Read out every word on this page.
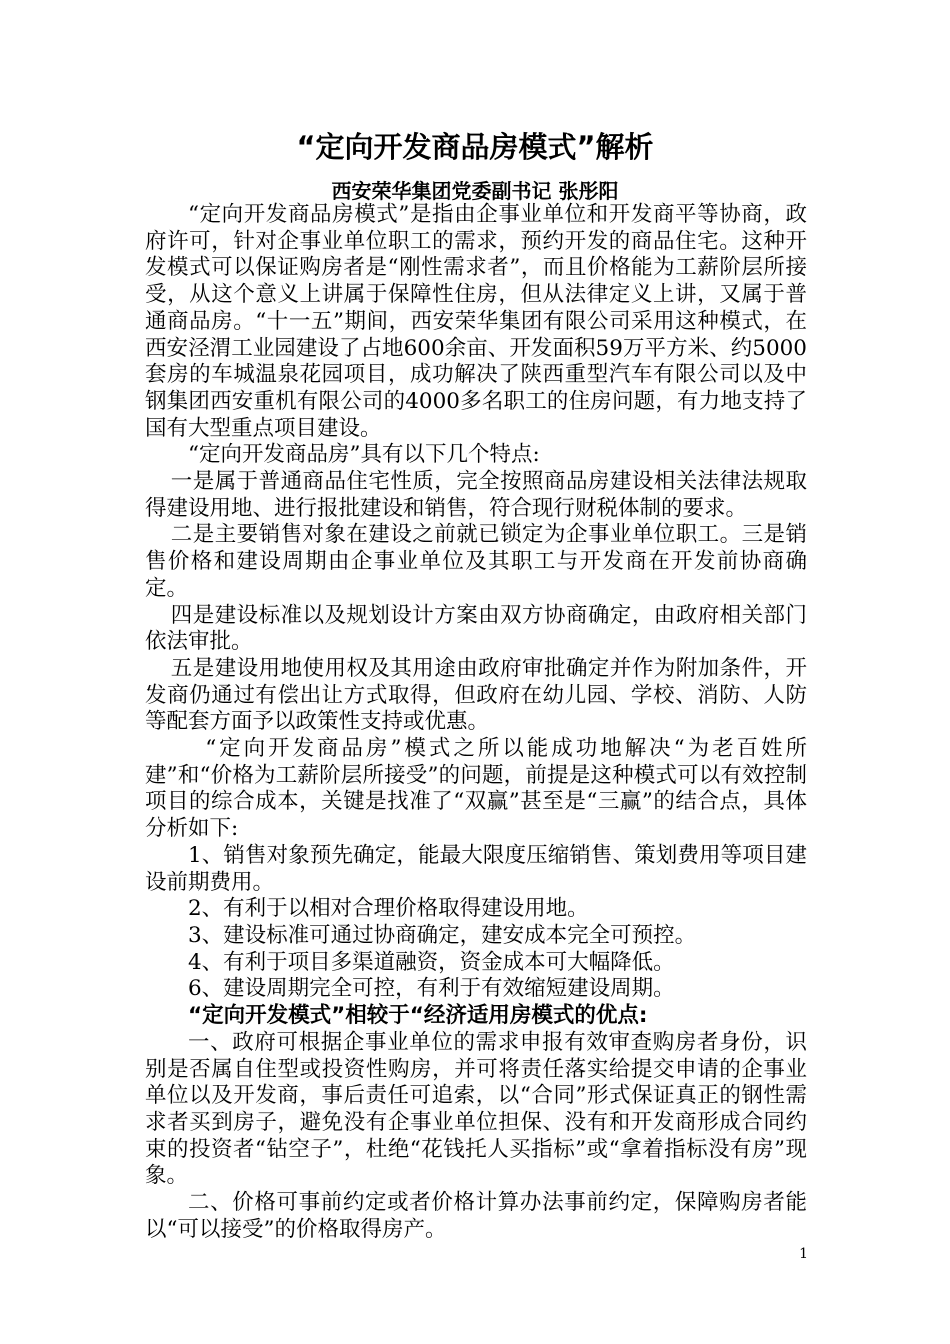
“定向开发商品房模式”解析
西安荣华集团党委副书记 张彤阳

“定向开发商品房模式”是指由企事业单位和开发商平等协商，政府许可，针对企事业单位职工的需求，预约开发的商品住宅。这种开发模式可以保证购房者是“刚性需求者”，而且价格能为工薪阶层所接受，从这个意义上讲属于保障性住房，但从法律定义上讲，又属于普通商品房。“十一五”期间，西安荣华集团有限公司采用这种模式，在西安泾渭工业园建设了占地600余亩、开发面积59万平方米、约5000套房的车城温泉花园项目，成功解决了陕西重型汽车有限公司以及中钢集团西安重机有限公司的4000多名职工的住房问题，有力地支持了国有大型重点项目建设。

“定向开发商品房”具有以下几个特点:

一是属于普通商品住宅性质，完全按照商品房建设相关法律法规取得建设用地、进行报批建设和销售，符合现行财税体制的要求。

二是主要销售对象在建设之前就已锁定为企事业单位职工。三是销售价格和建设周期由企事业单位及其职工与开发商在开发前协商确定。

四是建设标准以及规划设计方案由双方协商确定，由政府相关部门依法审批。

五是建设用地使用权及其用途由政府审批确定并作为附加条件，开发商仍通过有偿出让方式取得，但政府在幼儿园、学校、消防、人防等配套方面予以政策性支持或优惠。

“定向开发商品房”模式之所以能成功地解决“为老百姓所建”和“价格为工薪阶层所接受”的问题，前提是这种模式可以有效控制项目的综合成本，关键是找准了“双赢”甚至是“三赢”的结合点，具体分析如下:

1、销售对象预先确定，能最大限度压缩销售、策划费用等项目建设前期费用。

2、有利于以相对合理价格取得建设用地。

3、建设标准可通过协商确定，建安成本完全可预控。

4、有利于项目多渠道融资，资金成本可大幅降低。

6、建设周期完全可控，有利于有效缩短建设周期。

“定向开发模式”相较于“经济适用房模式的优点:

一、政府可根据企事业单位的需求申报有效审查购房者身份，识别是否属自住型或投资性购房，并可将责任落实给提交申请的企事业单位以及开发商，事后责任可追索，以“合同”形式保证真正的钢性需求者买到房子，避免没有企事业单位担保、没有和开发商形成合同约束的投资者“钻空子”，杜绝“花钱托人买指标”或“拿着指标没有房”现象。

二、价格可事前约定或者价格计算办法事前约定，保障购房者能以“可以接受”的价格取得房产。

1
